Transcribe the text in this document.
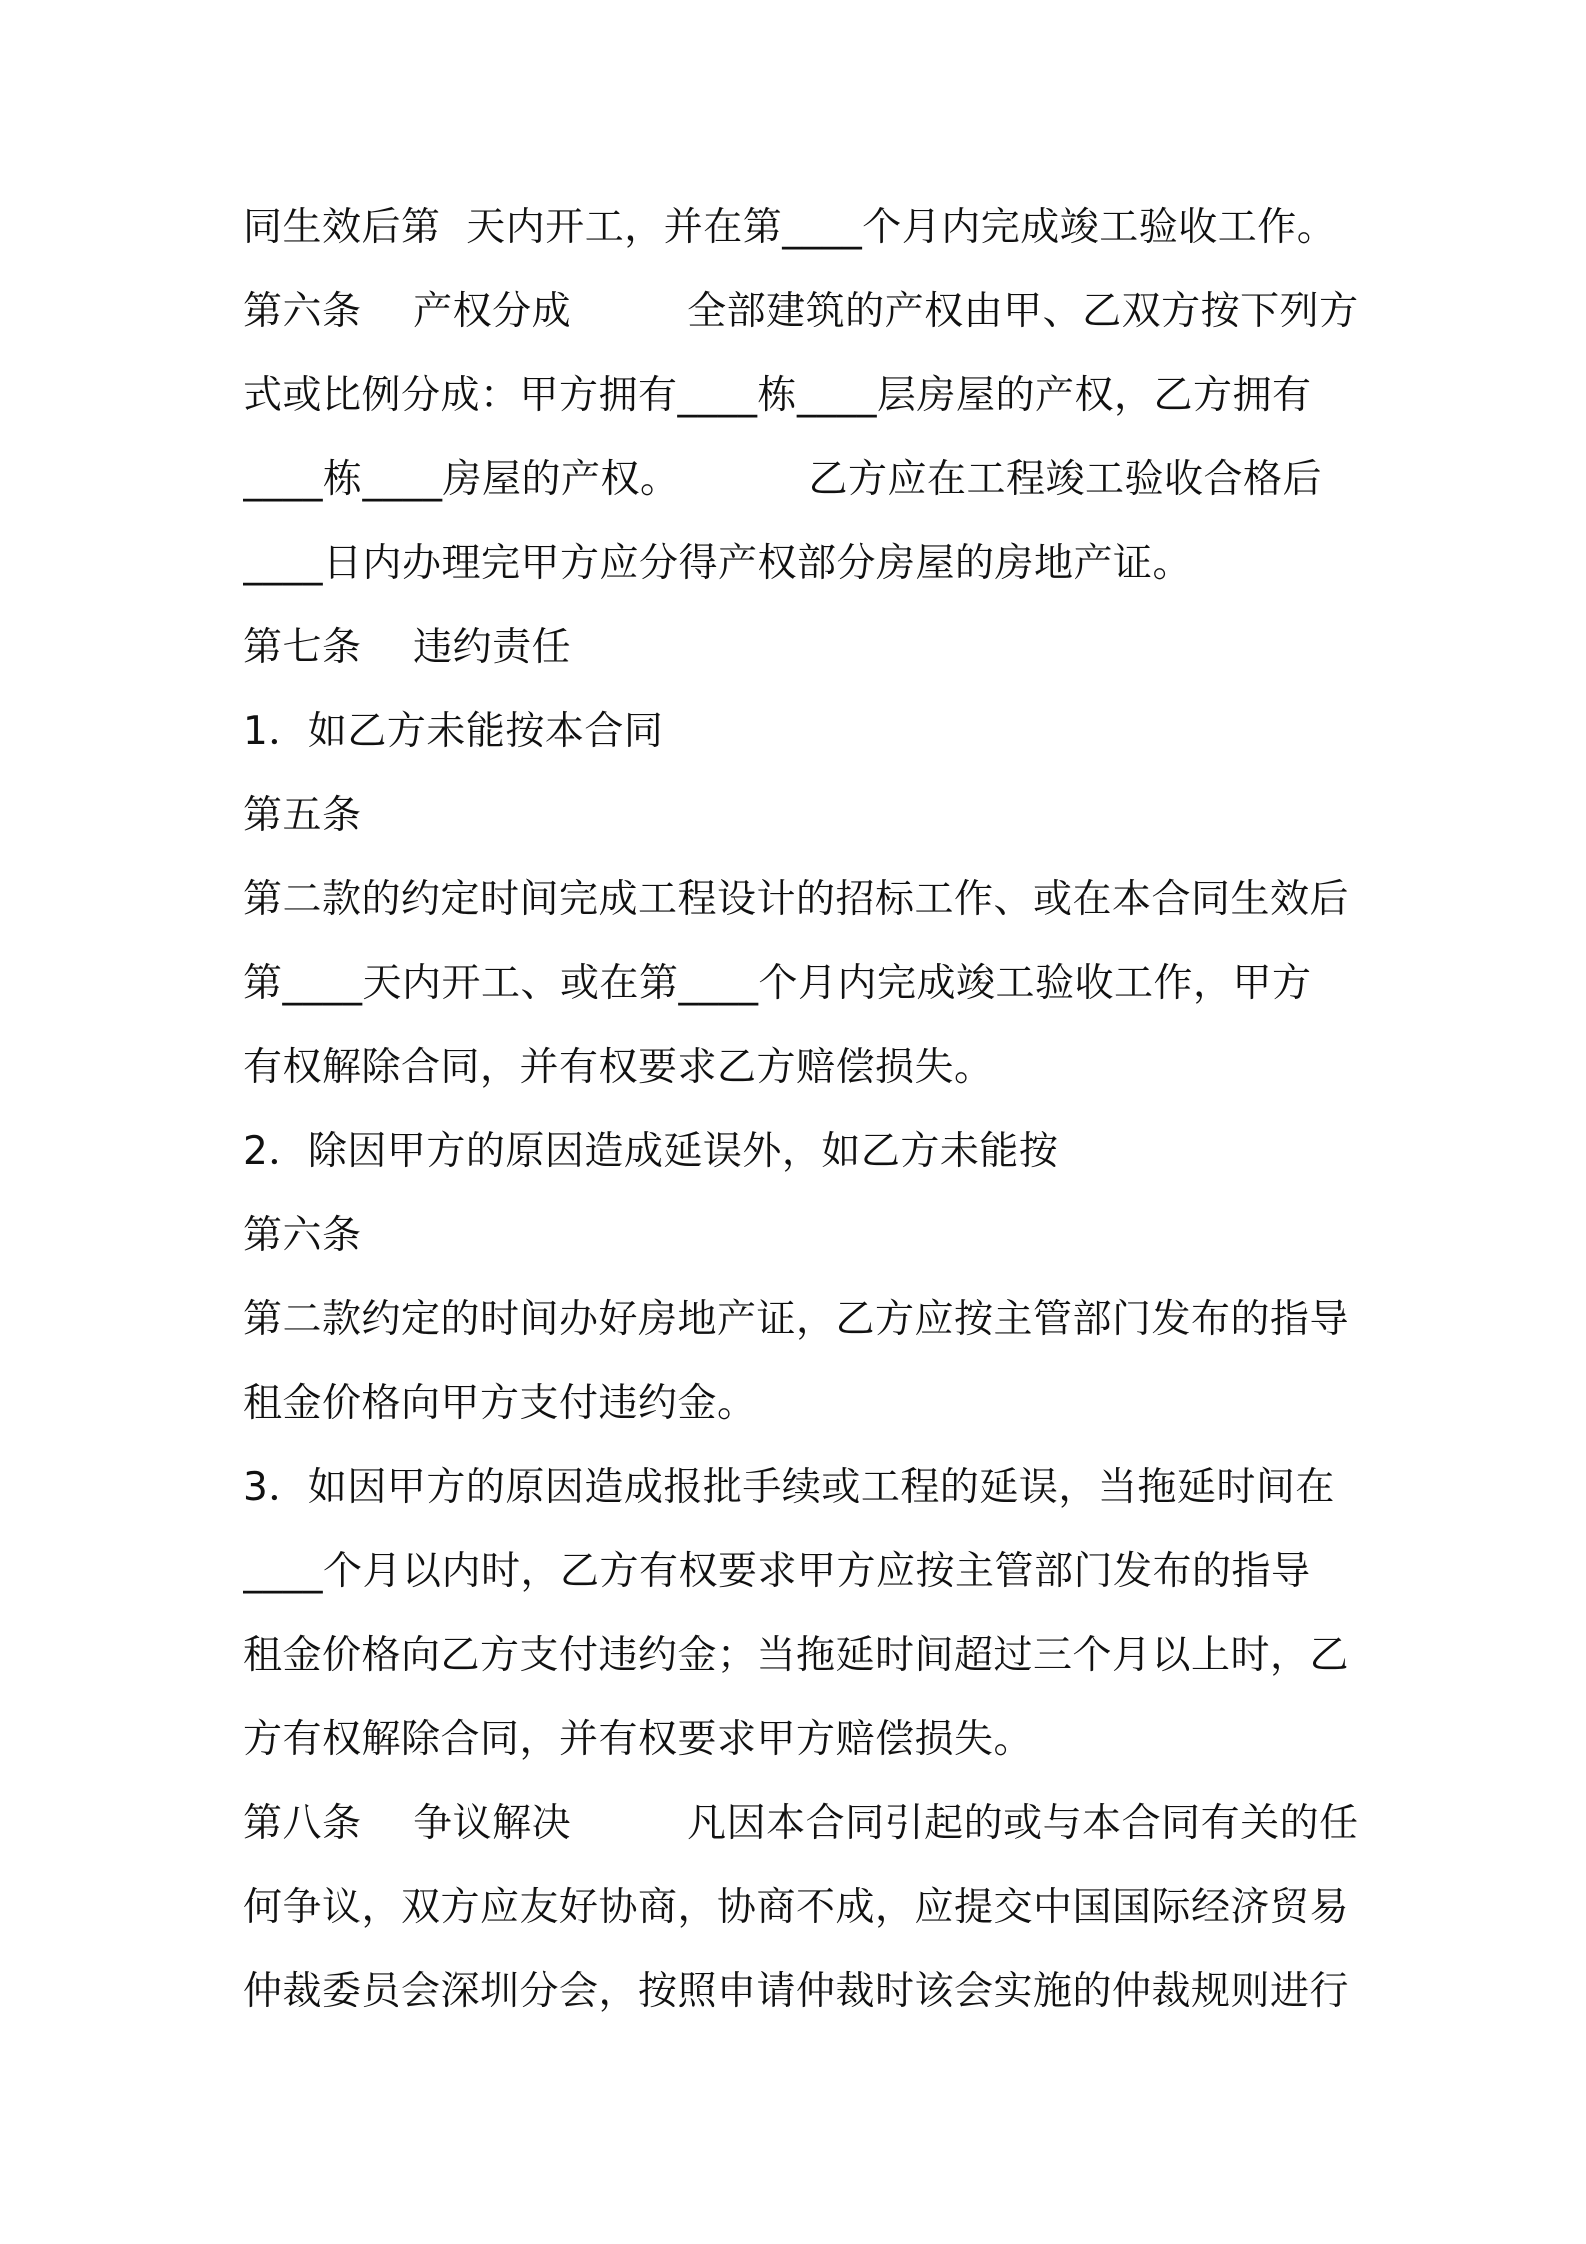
同生效后第  天内开工，并在第____个月内完成竣工验收工作。
第六条    产权分成         全部建筑的产权由甲、乙双方按下列方
式或比例分成：甲方拥有____栋____层房屋的产权，乙方拥有
____栋____房屋的产权。          乙方应在工程竣工验收合格后
____日内办理完甲方应分得产权部分房屋的房地产证。
第七条    违约责任
1．如乙方未能按本合同
第五条
第二款的约定时间完成工程设计的招标工作、或在本合同生效后
第____天内开工、或在第____个月内完成竣工验收工作，甲方
有权解除合同，并有权要求乙方赔偿损失。
2．除因甲方的原因造成延误外，如乙方未能按
第六条
第二款约定的时间办好房地产证，乙方应按主管部门发布的指导
租金价格向甲方支付违约金。
3．如因甲方的原因造成报批手续或工程的延误，当拖延时间在
____个月以内时，乙方有权要求甲方应按主管部门发布的指导
租金价格向乙方支付违约金；当拖延时间超过三个月以上时，乙
方有权解除合同，并有权要求甲方赔偿损失。
第八条    争议解决         凡因本合同引起的或与本合同有关的任
何争议，双方应友好协商，协商不成，应提交中国国际经济贸易
仲裁委员会深圳分会，按照申请仲裁时该会实施的仲裁规则进行
